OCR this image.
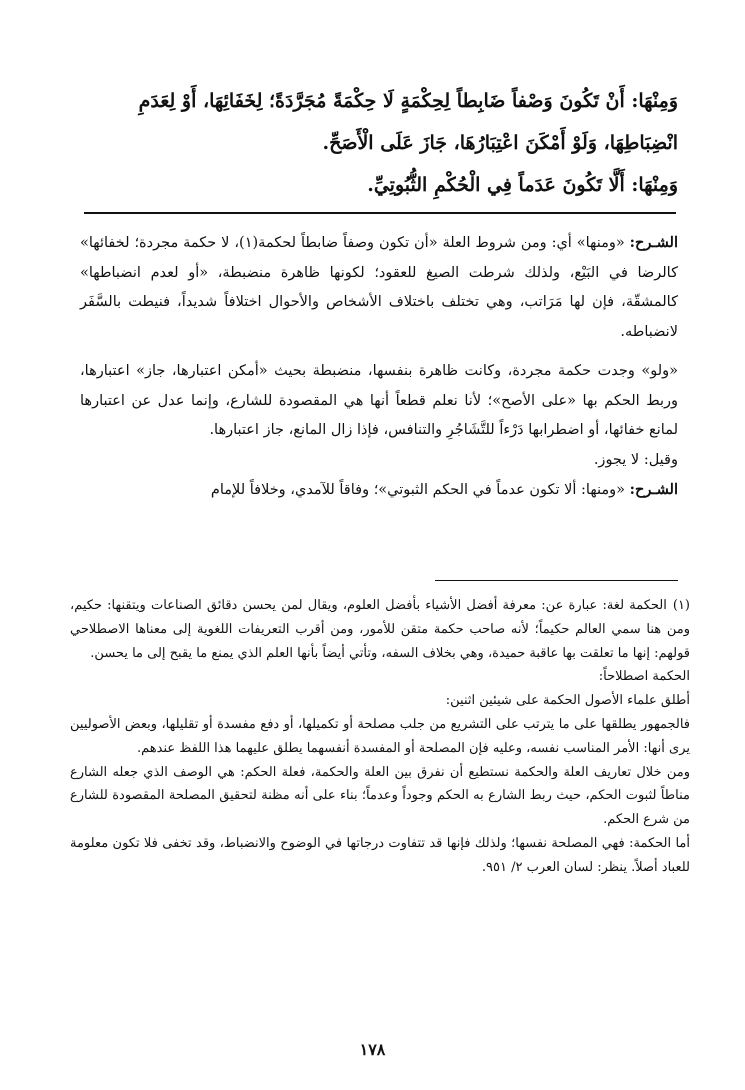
وَمِنْهَا: أَنْ تَكُونَ وَصْفاً ضَابِطاً لِحِكْمَةٍ لَا حِكْمَةً مُجَرَّدَةً؛ لِخَفَائِهَا، أَوْ لِعَدَمِ

انْضِبَاطِهَا، وَلَوْ أَمْكَنَ اعْتِبَارُهَا، جَازَ عَلَى الْأَصَحِّ.

وَمِنْهَا: أَلَّا تَكُونَ عَدَماً فِي الْحُكْمِ الثُّبُوتِيِّ.

الشـرح: «ومنها» أي: ومن شروط العلة «أن تكون وصفاً ضابطاً لحكمة(١)، لا حكمة مجردة؛ لخفائها» كالرضا في البَيْع، ولذلك شرطت الصيغ للعقود؛ لكونها ظاهرة منضبطة، «أو لعدم انضباطها» كالمشقّة، فإن لها مَرَاتب، وهي تختلف باختلاف الأشخاص والأحوال اختلافاً شديداً، فنيطت بالسَّفَر لانضباطه.

«ولو» وجدت حكمة مجردة، وكانت ظاهرة بنفسها، منضبطة بحيث «أمكن اعتبارها، جاز» اعتبارها، وربط الحكم بها «على الأصح»؛ لأنا نعلم قطعاً أنها هي المقصودة للشارع، وإنما عدل عن اعتبارها لمانع خفائها، أو اضطرابها دَرْءاً للتَّشَاجُرِ والتنافس، فإذا زال المانع، جاز اعتبارها.

وقيل: لا يجوز.

الشـرح: «ومنها: ألا تكون عدماً في الحكم الثبوتي»؛ وفاقاً للآمدي، وخلافاً للإمام

(١)الحكمة لغة: عبارة عن: معرفة أفضل الأشياء بأفضل العلوم، ويقال لمن يحسن دقائق الصناعات ويتقنها: حكيم، ومن هنا سمي العالم حكيماً؛ لأنه صاحب حكمة متقن للأمور، ومن أقرب التعريفات اللغوية إلى معناها الاصطلاحي قولهم: إنها ما تعلقت بها عاقبة حميدة، وهي بخلاف السفه، وتأتي أيضاً بأنها العلم الذي يمنع ما يقبح إلى ما يحسن.

الحكمة اصطلاحاً:

أطلق علماء الأصول الحكمة على شيئين اثنين:

فالجمهور يطلقها على ما يترتب على التشريع من جلب مصلحة أو تكميلها، أو دفع مفسدة أو تقليلها، وبعض الأصوليين يرى أنها: الأمر المناسب نفسه، وعليه فإن المصلحة أو المفسدة أنفسهما يطلق عليهما هذا اللفظ عندهم.

ومن خلال تعاريف العلة والحكمة نستطيع أن نفرق بين العلة والحكمة، فعلة الحكم: هي الوصف الذي جعله الشارع مناطاً لثبوت الحكم، حيث ربط الشارع به الحكم وجوداً وعدماً؛ بناء على أنه مظنة لتحقيق المصلحة المقصودة للشارع من شرع الحكم.

أما الحكمة: فهي المصلحة نفسها؛ ولذلك فإنها قد تتفاوت درجاتها في الوضوح والانضباط، وقد تخفى فلا تكون معلومة للعباد أصلاً. ينظر: لسان العرب ٢/ ٩٥١.

١٧٨
